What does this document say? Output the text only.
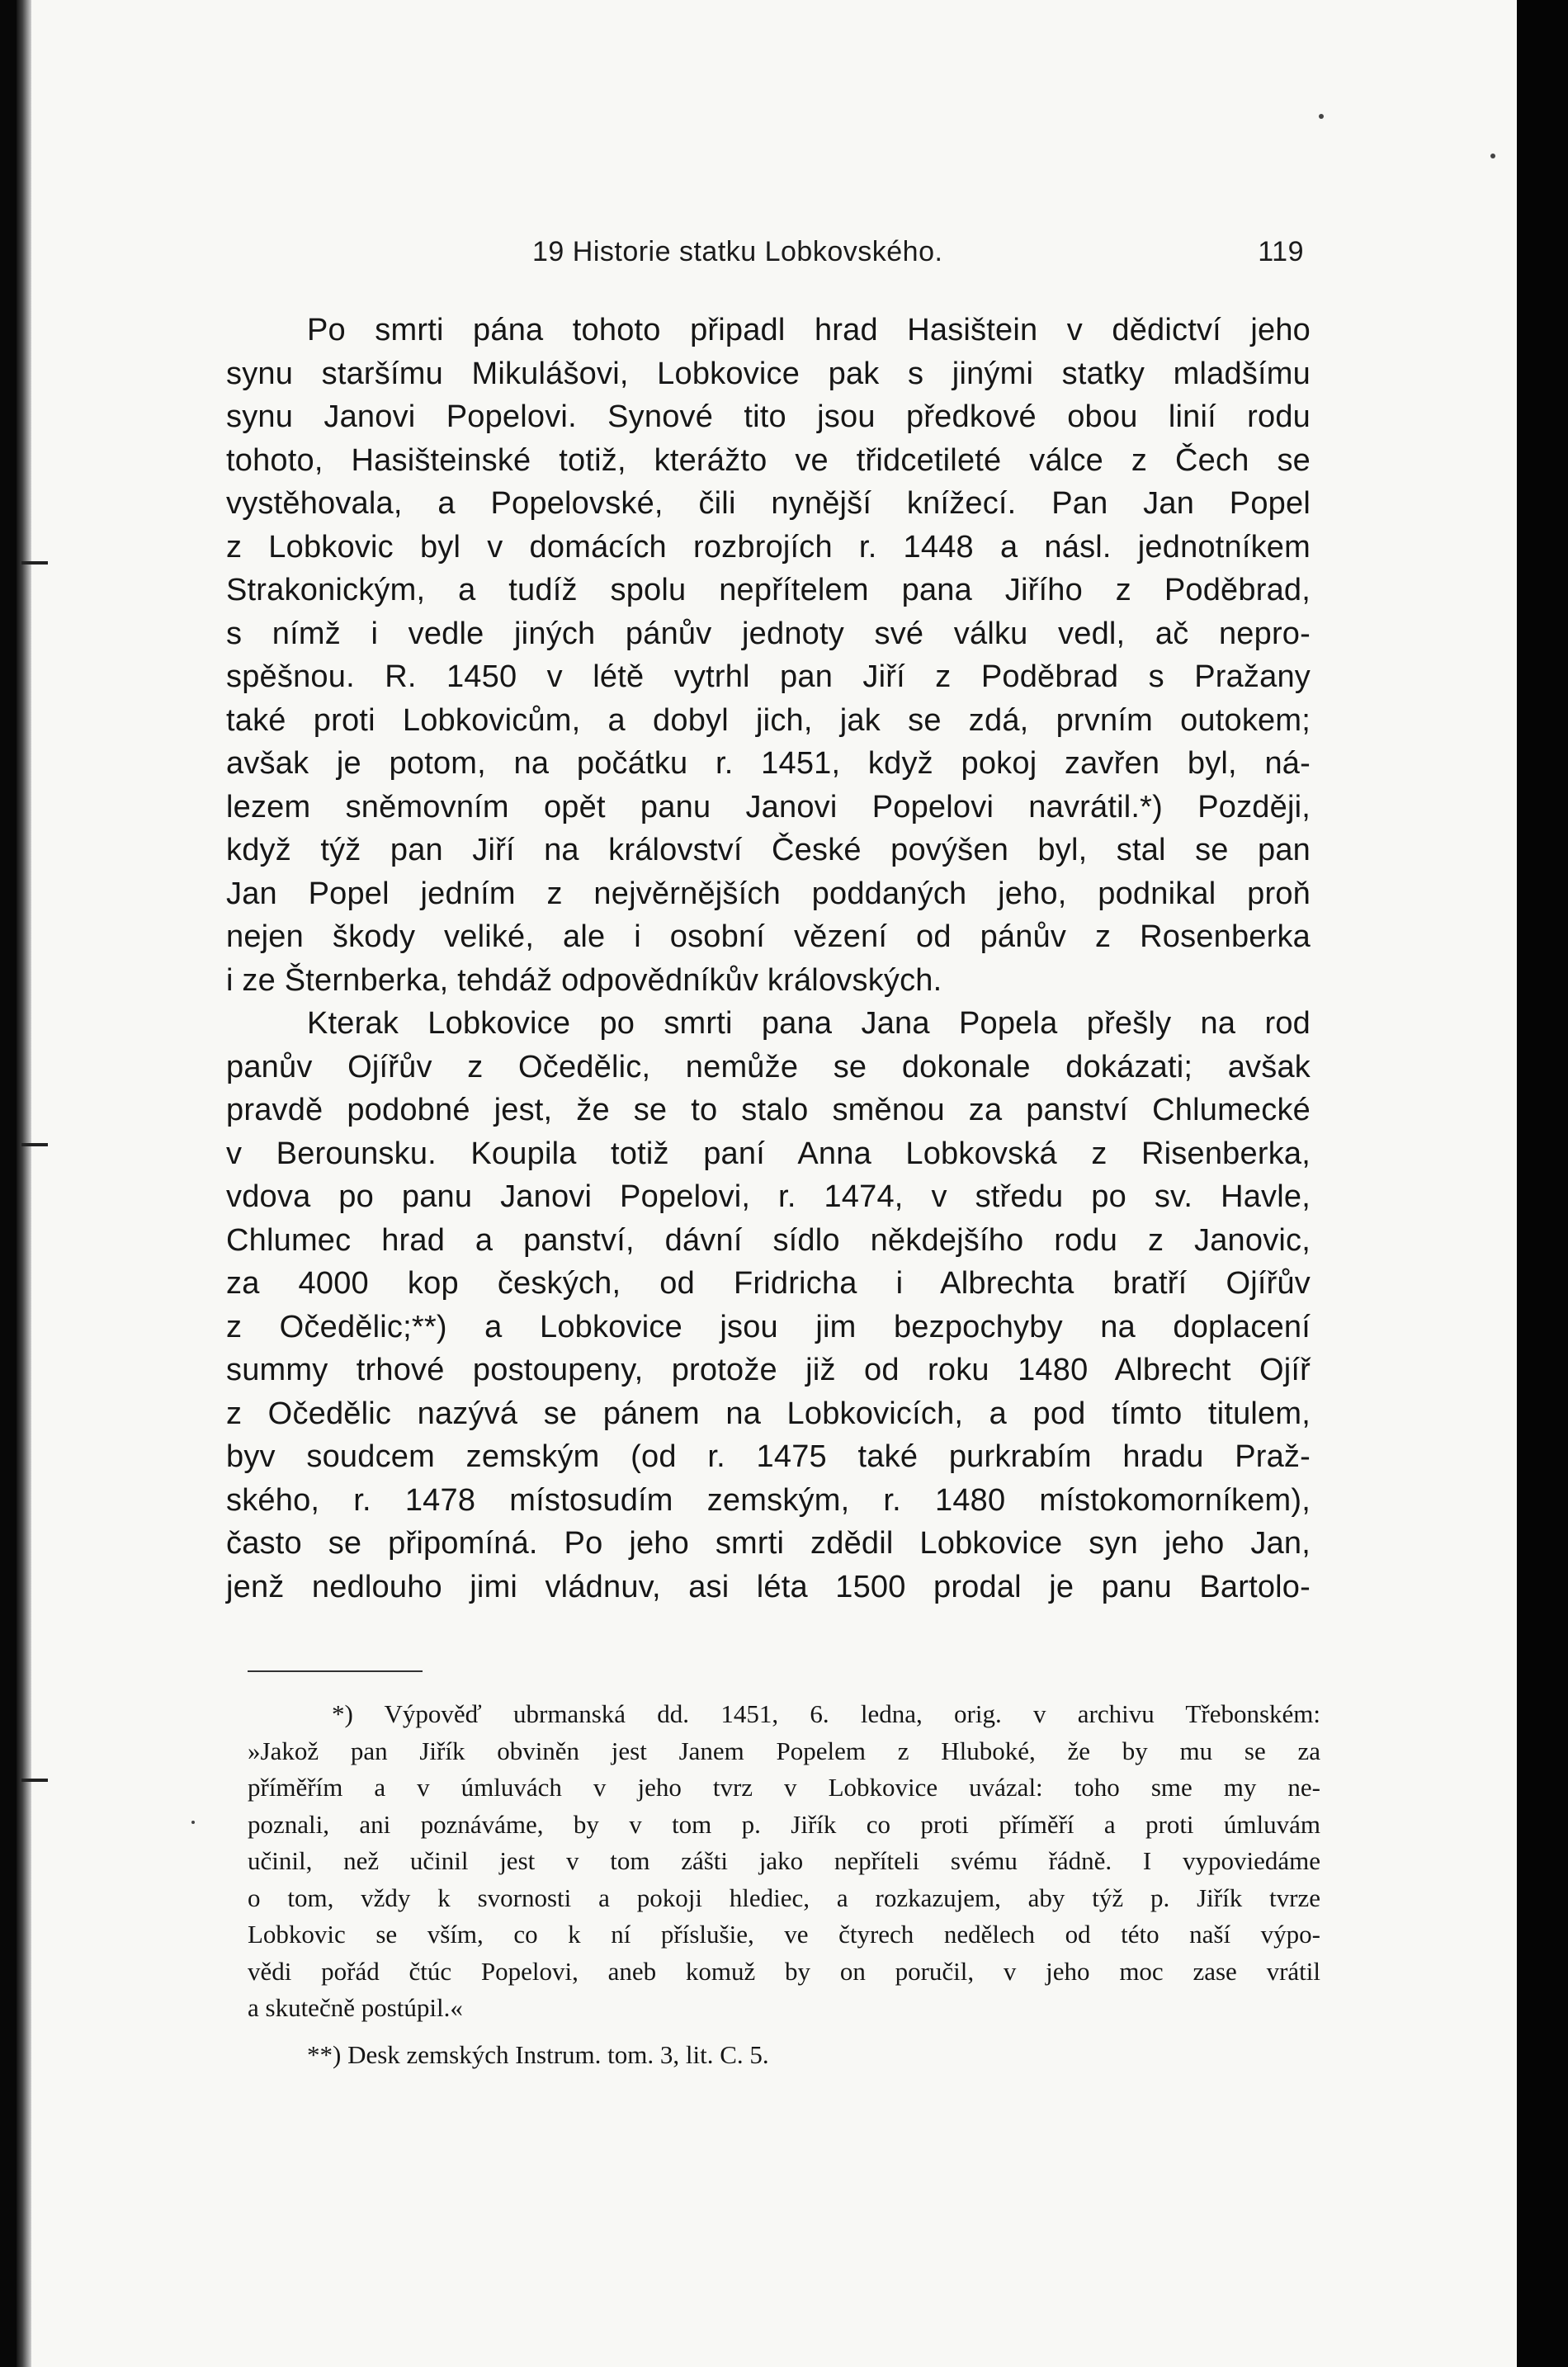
19 Historie statku Lobkovského.	119
Po smrti pána tohoto připadl hrad Hasištein v dědictví jeho
synu staršímu Mikulášovi, Lobkovice pak s jinými statky mladšímu
synu Janovi Popelovi. Synové tito jsou předkové obou linií rodu
tohoto, Hasišteinské totiž, kterážto ve třidcetileté válce z Čech se
vystěhovala, a Popelovské, čili nynější knížecí. Pan Jan Popel
z Lobkovic byl v domácích rozbrojích r. 1448 a násl. jednotníkem
Strakonickým, a tudíž spolu nepřítelem pana Jiřího z Poděbrad,
s nímž i vedle jiných pánův jednoty své válku vedl, ač nepro-
spěšnou. R. 1450 v létě vytrhl pan Jiří z Poděbrad s Pražany
také proti Lobkovicům, a dobyl jich, jak se zdá, prvním outokem;
avšak je potom, na počátku r. 1451, když pokoj zavřen byl, ná-
lezem sněmovním opět panu Janovi Popelovi navrátil.*) Později,
když týž pan Jiří na království České povýšen byl, stal se pan
Jan Popel jedním z nejvěrnějších poddaných jeho, podnikal proň
nejen škody veliké, ale i osobní vězení od pánův z Rosenberka
i ze Šternberka, tehdáž odpovědníkův královských.
Kterak Lobkovice po smrti pana Jana Popela přešly na rod
panův Ojířův z Očedělic, nemůže se dokonale dokázati; avšak
pravdě podobné jest, že se to stalo směnou za panství Chlumecké
v Berounsku. Koupila totiž paní Anna Lobkovská z Risenberka,
vdova po panu Janovi Popelovi, r. 1474, v středu po sv. Havle,
Chlumec hrad a panství, dávní sídlo někdejšího rodu z Janovic,
za 4000 kop českých, od Fridricha i Albrechta bratří Ojířův
z Očedělic;**) a Lobkovice jsou jim bezpochyby na doplacení
summy trhové postoupeny, protože již od roku 1480 Albrecht Ojíř
z Očedělic nazývá se pánem na Lobkovicích, a pod tímto titulem,
byv soudcem zemským (od r. 1475 také purkrabím hradu Praž-
ského, r. 1478 místosudím zemským, r. 1480 místokomorníkem),
často se připomíná. Po jeho smrti zdědil Lobkovice syn jeho Jan,
jenž nedlouho jimi vládnuv, asi léta 1500 prodal je panu Bartolo-
*) Výpověď ubrmanská dd. 1451, 6. ledna, orig. v archivu Třebonském:
»Jakož pan Jiřík obviněn jest Janem Popelem z Hluboké, že by mu se za
příměřím a v úmluvách v jeho tvrz v Lobkovice uvázal: toho sme my ne-
poznali, ani poznáváme, by v tom p. Jiřík co proti příměří a proti úmluvám
učinil, než učinil jest v tom zášti jako nepříteli svému řádně. I vypoviedáme
o tom, vždy k svornosti a pokoji hlediec, a rozkazujem, aby týž p. Jiřík tvrze
Lobkovic se vším, co k ní příslušie, ve čtyrech nedělech od této naší výpo-
vědi pořád čtúc Popelovi, aneb komuž by on poručil, v jeho moc zase vrátil
a skutečně postúpil.«
**) Desk zemských Instrum. tom. 3, lit. C. 5.
